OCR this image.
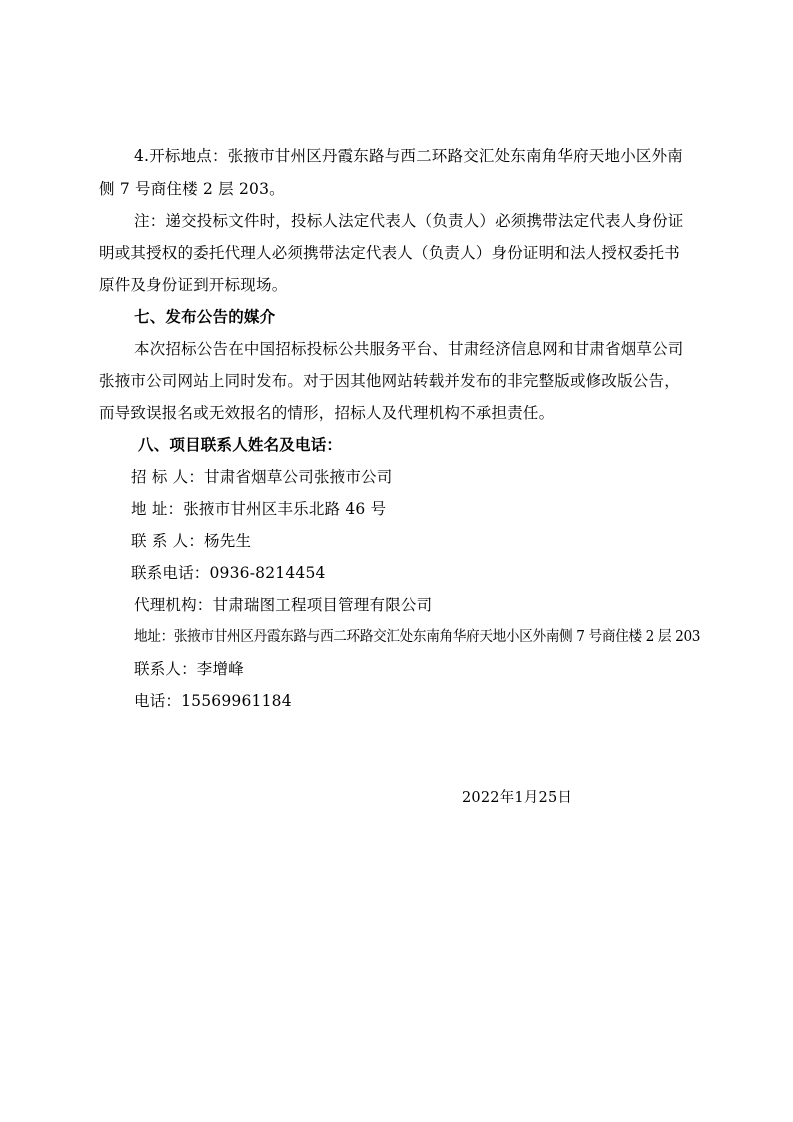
4.开标地点：张掖市甘州区丹霞东路与西二环路交汇处东南角华府天地小区外南
侧 7 号商住楼 2 层 203。
注：递交投标文件时，投标人法定代表人（负责人）必须携带法定代表人身份证
明或其授权的委托代理人必须携带法定代表人（负责人）身份证明和法人授权委托书
原件及身份证到开标现场。
七、发布公告的媒介
本次招标公告在中国招标投标公共服务平台、甘肃经济信息网和甘肃省烟草公司
张掖市公司网站上同时发布。对于因其他网站转载并发布的非完整版或修改版公告，
而导致误报名或无效报名的情形，招标人及代理机构不承担责任。
八、项目联系人姓名及电话：
招 标 人：甘肃省烟草公司张掖市公司
地 址：张掖市甘州区丰乐北路 46 号
联 系 人：杨先生
联系电话：0936-8214454
代理机构：甘肃瑞图工程项目管理有限公司
地址：张掖市甘州区丹霞东路与西二环路交汇处东南角华府天地小区外南侧 7 号商住楼 2 层 203
联系人：李增峰
电话：15569961184
2022年1月25日
